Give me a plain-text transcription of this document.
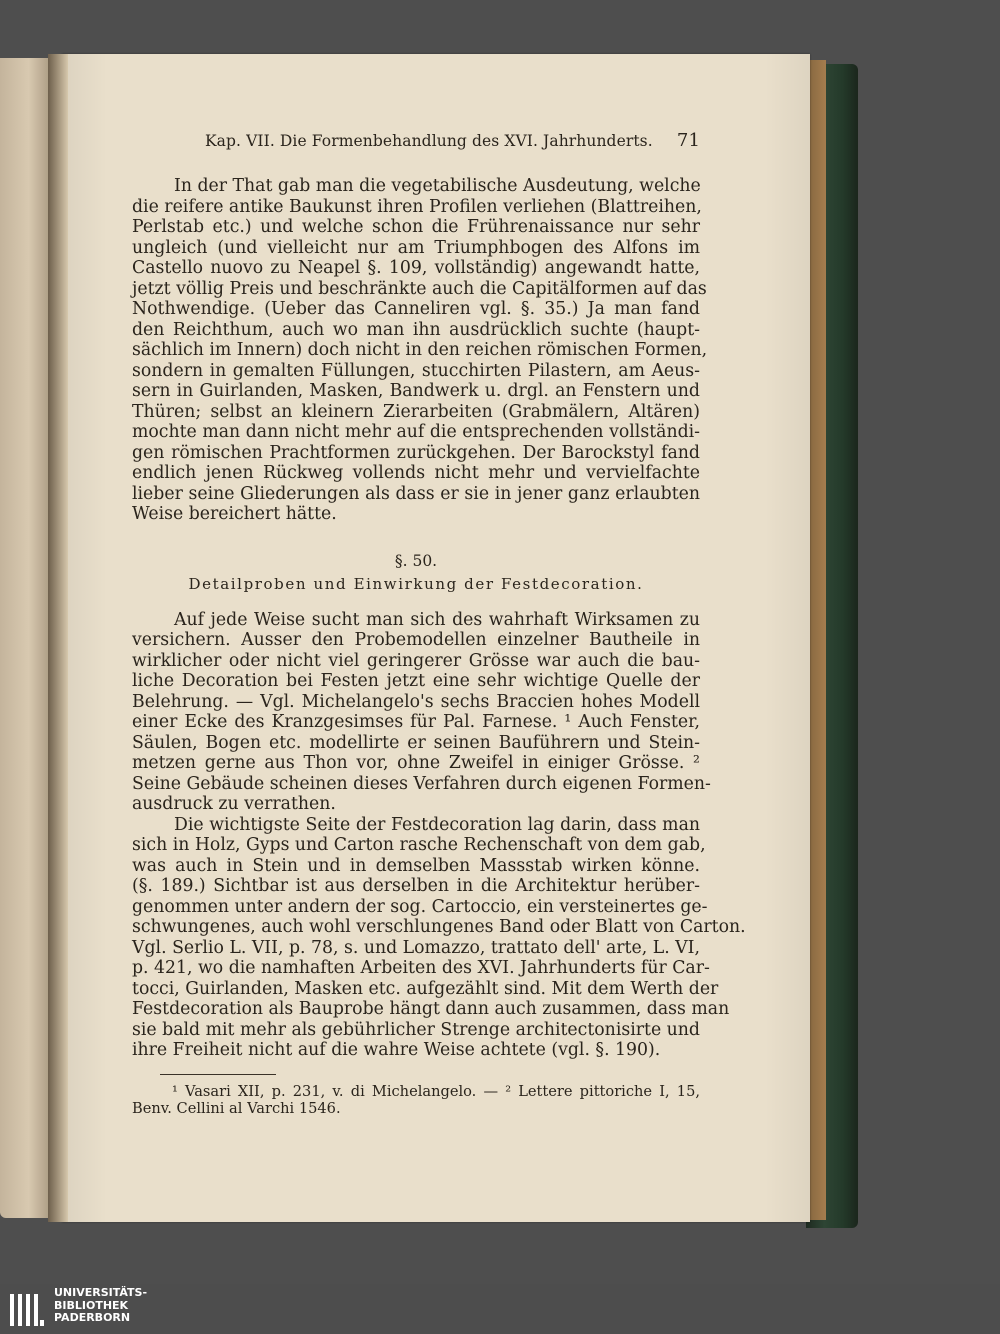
Kap. VII. Die Formenbehandlung des XVI. Jahrhunderts. 71
In der That gab man die vegetabilische Ausdeutung, welche
die reifere antike Baukunst ihren Profilen verliehen (Blattreihen,
Perlstab etc.) und welche schon die Frührenaissance nur sehr
ungleich (und vielleicht nur am Triumphbogen des Alfons im
Castello nuovo zu Neapel §. 109, vollständig) angewandt hatte,
jetzt völlig Preis und beschränkte auch die Capitälformen auf das
Nothwendige. (Ueber das Canneliren vgl. §. 35.) Ja man fand
den Reichthum, auch wo man ihn ausdrücklich suchte (haupt-
sächlich im Innern) doch nicht in den reichen römischen Formen,
sondern in gemalten Füllungen, stucchirten Pilastern, am Aeus-
sern in Guirlanden, Masken, Bandwerk u. drgl. an Fenstern und
Thüren; selbst an kleinern Zierarbeiten (Grabmälern, Altären)
mochte man dann nicht mehr auf die entsprechenden vollständi-
gen römischen Prachtformen zurückgehen. Der Barockstyl fand
endlich jenen Rückweg vollends nicht mehr und vervielfachte
lieber seine Gliederungen als dass er sie in jener ganz erlaubten
Weise bereichert hätte.
§. 50.
Detailproben und Einwirkung der Festdecoration.
Auf jede Weise sucht man sich des wahrhaft Wirksamen zu
versichern. Ausser den Probemodellen einzelner Bautheile in
wirklicher oder nicht viel geringerer Grösse war auch die bau-
liche Decoration bei Festen jetzt eine sehr wichtige Quelle der
Belehrung. — Vgl. Michelangelo's sechs Braccien hohes Modell
einer Ecke des Kranzgesimses für Pal. Farnese. ¹ Auch Fenster,
Säulen, Bogen etc. modellirte er seinen Bauführern und Stein-
metzen gerne aus Thon vor, ohne Zweifel in einiger Grösse. ²
Seine Gebäude scheinen dieses Verfahren durch eigenen Formen-
ausdruck zu verrathen.
Die wichtigste Seite der Festdecoration lag darin, dass man
sich in Holz, Gyps und Carton rasche Rechenschaft von dem gab,
was auch in Stein und in demselben Massstab wirken könne.
(§. 189.) Sichtbar ist aus derselben in die Architektur herüber-
genommen unter andern der sog. Cartoccio, ein versteinertes ge-
schwungenes, auch wohl verschlungenes Band oder Blatt von Carton.
Vgl. Serlio L. VII, p. 78, s. und Lomazzo, trattato dell' arte, L. VI,
p. 421, wo die namhaften Arbeiten des XVI. Jahrhunderts für Car-
tocci, Guirlanden, Masken etc. aufgezählt sind. Mit dem Werth der
Festdecoration als Bauprobe hängt dann auch zusammen, dass man
sie bald mit mehr als gebührlicher Strenge architectonisirte und
ihre Freiheit nicht auf die wahre Weise achtete (vgl. §. 190).
¹ Vasari XII, p. 231, v. di Michelangelo. — ² Lettere pittoriche I, 15,
Benv. Cellini al Varchi 1546.
UNIVERSITÄTS-
BIBLIOTHEK
PADERBORN
